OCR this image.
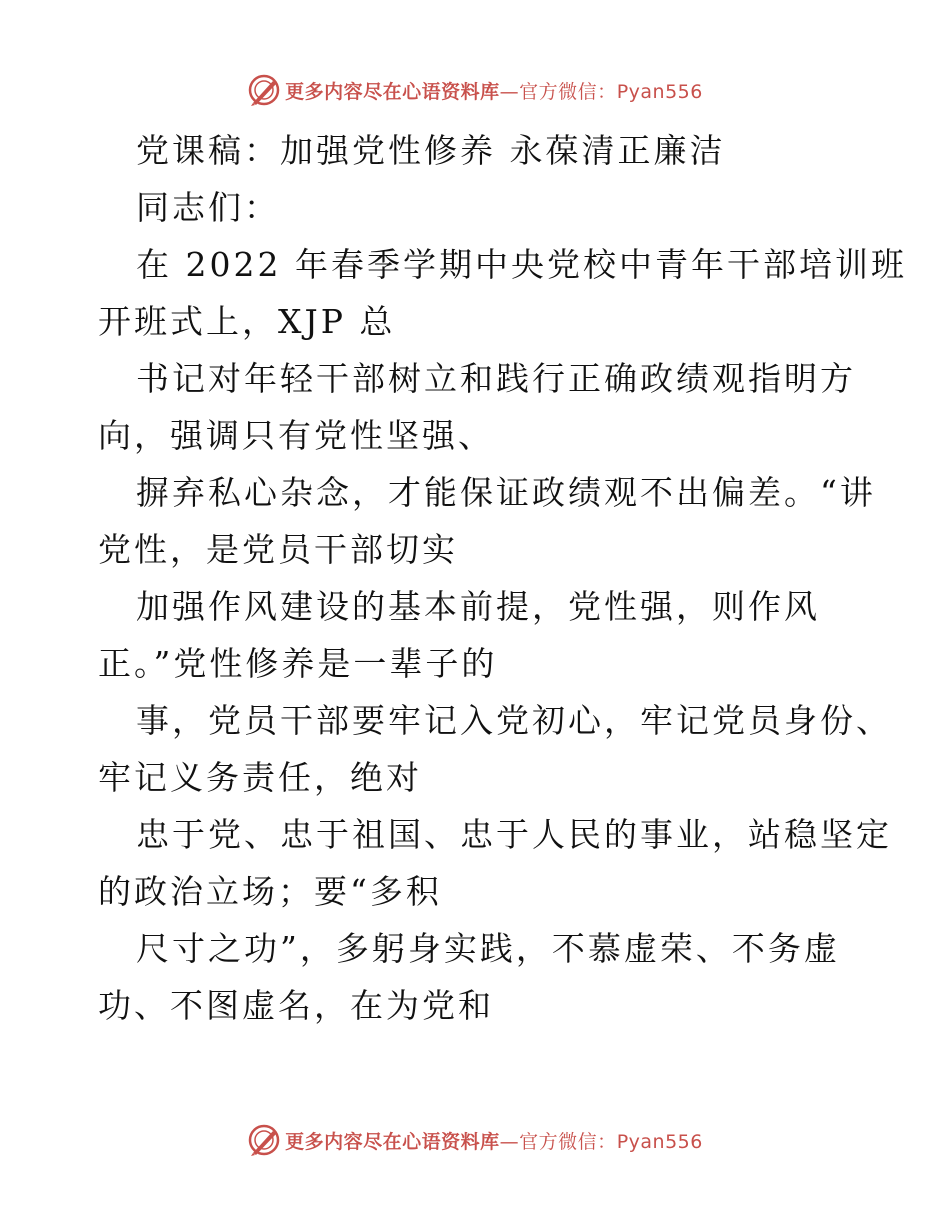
更多内容尽在心语资料库—官方微信：Pyan556
党课稿：加强党性修养 永葆清正廉洁
同志们：
在 2022 年春季学期中央党校中青年干部培训班
开班式上，XJP 总
书记对年轻干部树立和践行正确政绩观指明方
向，强调只有党性坚强、
摒弃私心杂念，才能保证政绩观不出偏差。“讲
党性，是党员干部切实
加强作风建设的基本前提，党性强，则作风
正。”党性修养是一辈子的
事，党员干部要牢记入党初心，牢记党员身份、
牢记义务责任，绝对
忠于党、忠于祖国、忠于人民的事业，站稳坚定
的政治立场；要“多积
尺寸之功”，多躬身实践，不慕虚荣、不务虚
功、不图虚名，在为党和
更多内容尽在心语资料库—官方微信：Pyan556
